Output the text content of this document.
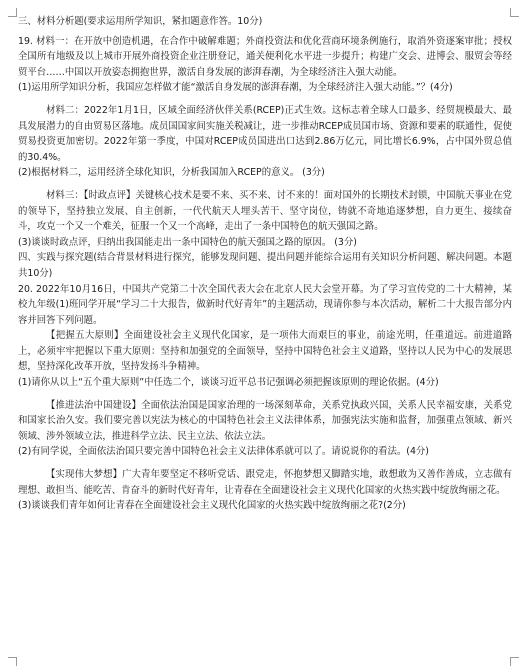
三、材料分析题(要求运用所学知识，紧扣题意作答。10分)

19. 材料一：在开放中创造机遇，在合作中破解难题；外商投资法和优化营商环境条例施行，取消外资逐案审批；授权全国所有地级及以上城市开展外商投资企业注册登记，通关便利化水平进一步提升；构建广交会、进博会、服贸会等经贸平台……中国以开放姿态拥抱世界，激活自身发展的澎湃春潮，为全球经济注入强大动能。

(1)运用所学知识分析，我国应怎样做才能“激活自身发展的澎湃春潮，为全球经济注入强大动能。”？(4分)

材料二：2022年1月1日，区域全面经济伙伴关系(RCEP)正式生效。这标志着全球人口最多、经贸规模最大、最具发展潜力的自由贸易区落地。成员国国家间实施关税减让，进一步推动RCEP成员国市场、资源和要素的联通性，促使贸易投资更加密切。2022年第一季度，中国对RCEP成员国进出口达到2.86万亿元，同比增长6.9%，占中国外贸总值的30.4%。

(2)根据材料二，运用经济全球化知识，分析我国加入RCEP的意义。 (3分)

材料三：【时政点评】关键核心技术是要不来、买不来、讨不来的！面对国外的长期技术封锁，中国航天事业在党的领导下，坚持独立发展、自主创新，一代代航天人埋头苦干、坚守岗位，铸就不奇地追逐梦想，自力更生、接续奋斗，攻克一个又一个难关，征服一个又一个高峰，走出了一条中国特色的航天强国之路。

(3)谈谈时政点评，归纳出我国能走出一条中国特色的航天强国之路的原因。 (3分)

四、实践与探究题(结合背景材料进行探究，能够发现问题、提出问题并能综合运用有关知识分析问题、解决问题。本题共10分)

20. 2022年10月16日，中国共产党第二十次全国代表大会在北京人民大会堂开幕。为了学习宣传党的二十大精神，某校九年级(1)班同学开展“学习二十大报告，做新时代好青年”的主题活动，现请你参与本次活动，解析二十大报告部分内容并回答下列问题。

【把握五大原则】全面建设社会主义现代化国家，是一项伟大而艰巨的事业，前途光明，任重道远。前进道路上，必须牢牢把握以下重大原则：坚持和加强党的全面领导，坚持中国特色社会主义道路，坚持以人民为中心的发展思想，坚持深化改革开放，坚持发扬斗争精神。

(1)请你从以上“五个重大原则”中任选二个，谈谈习近平总书记强调必须把握该原则的理论依据。(4分)

【推进法治中国建设】全面依法治国是国家治理的一场深刻革命，关系党执政兴国，关系人民幸福安康，关系党和国家长治久安。我们要完善以宪法为核心的中国特色社会主义法律体系，加强宪法实施和监督，加强重点领域、新兴领域、涉外领域立法，推进科学立法、民主立法、依法立法。

(2)有同学说，全面依法治国只要完善中国特色社会主义法律体系就可以了。请说说你的看法。(4分)

【实现伟大梦想】广大青年要坚定不移听党话、跟党走，怀抱梦想又脚踏实地，敢想敢为又善作善成，立志做有理想、敢担当、能吃苦、肯奋斗的新时代好青年，让青春在全面建设社会主义现代化国家的火热实践中绽放绚丽之花。

(3)谈谈我们青年如何让青春在全面建设社会主义现代化国家的火热实践中绽放绚丽之花?(2分)
